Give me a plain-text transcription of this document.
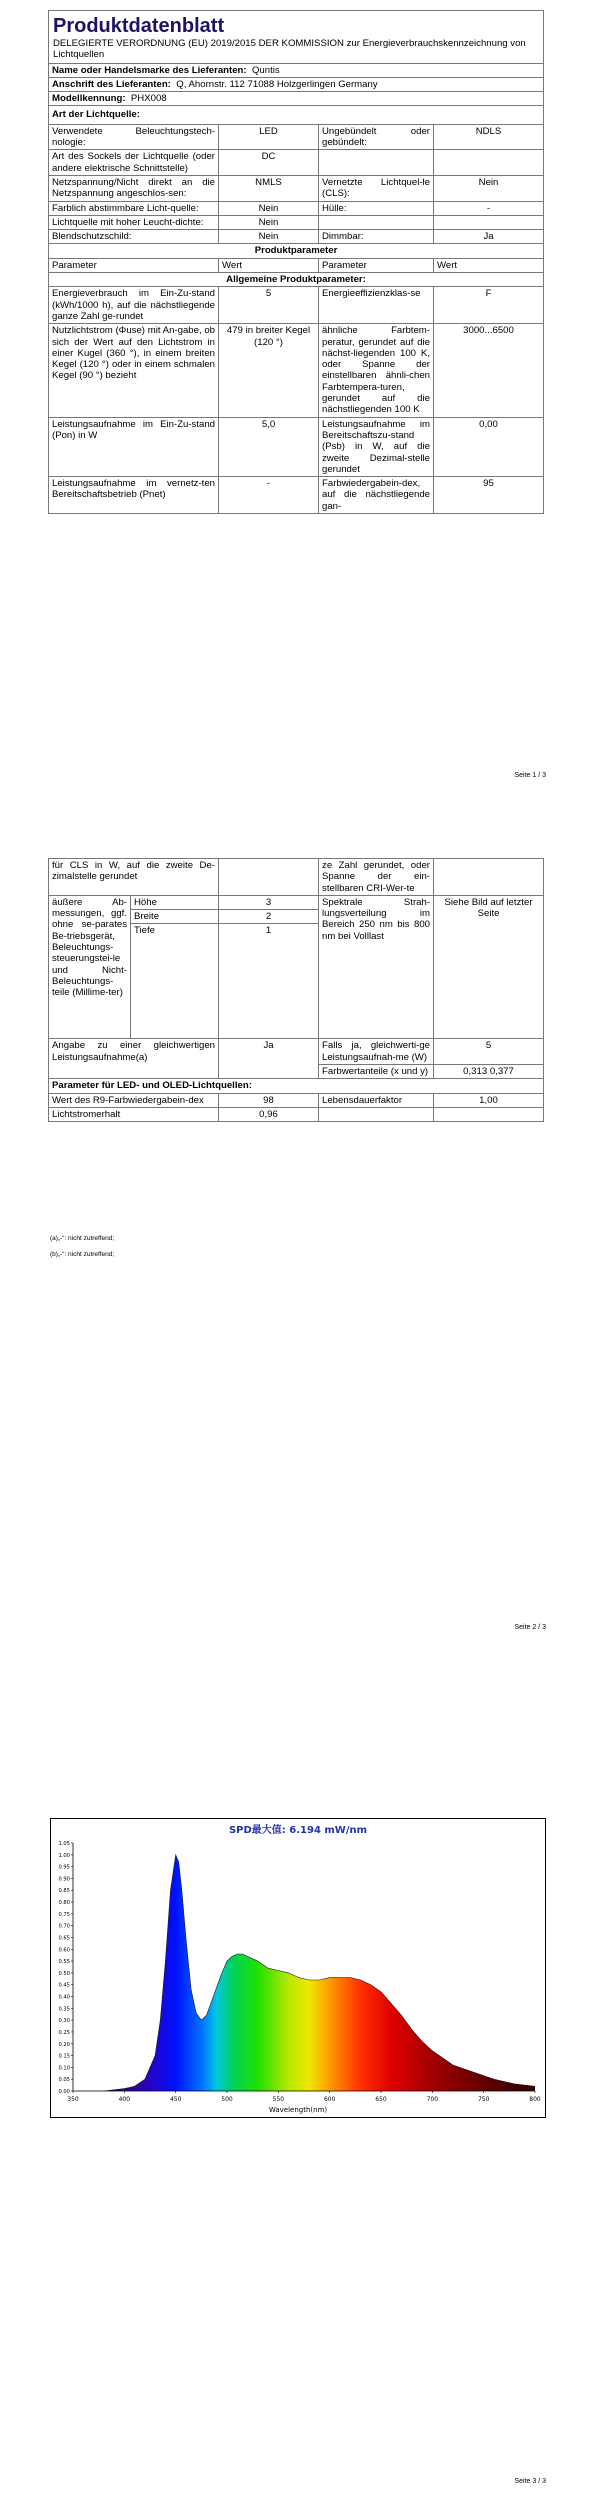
Produktdatenblatt
DELEGIERTE VERORDNUNG (EU) 2019/2015 DER KOMMISSION zur Energieverbrauchskennzeichnung von Lichtquellen			
Name oder Handelsmarke des Lieferanten: Quntis			
Anschrift des Lieferanten: Q, Ahornstr. 112 71088 Holzgerlingen Germany			
Modellkennung: PHX008			
Art der Lichtquelle:			
Verwendete Beleuchtungstech-nologie:	LED	Ungebündelt oder gebündelt:	NDLS
Art des Sockels der Lichtquelle (oder andere elektrische Schnittstelle)	DC		
Netzspannung/Nicht direkt an die Netzspannung angeschlos-sen:	NMLS	Vernetzte Lichtquel-le (CLS):	Nein
Farblich abstimmbare Licht-quelle:	Nein	Hülle:	-
Lichtquelle mit hoher Leucht-dichte:	Nein		
Blendschutzschild:	Nein	Dimmbar:	Ja
Produktparameter			
Parameter	Wert	Parameter	Wert
Allgemeine Produktparameter:			
Energieverbrauch im Ein-Zu-stand (kWh/1000 h), auf die nächstliegende ganze Zahl ge-rundet	5	Energieeffizienzklas-se	F
Nutzlichtstrom (Φuse) mit An-gabe, ob sich der Wert auf den Lichtstrom in einer Kugel (360 °), in einem breiten Kegel (120 °) oder in einem schmalen Kegel (90 °) bezieht	479 in breiter Kegel (120 °)	ähnliche Farbtem-peratur, gerundet auf die nächst-liegenden 100 K, oder Spanne der einstellbaren ähnli-chen Farbtempera-turen, gerundet auf die nächstliegenden 100 K	3000...6500
Leistungsaufnahme im Ein-Zu-stand (Pon) in W	5,0	Leistungsaufnahme im Bereitschaftszu-stand (Psb) in W, auf die zweite Dezimal-stelle gerundet	0,00
Leistungsaufnahme im vernetz-ten Bereitschaftsbetrieb (Pnet)	-	Farbwiedergabein-dex, auf die nächstliegende gan-	95
Seite 1 / 3
für CLS in W, auf die zweite De-zimalstelle gerundet			ze Zahl gerundet, oder Spanne der ein-stellbaren CRI-Wer-te	
äußere Ab-messungen, ggf. ohne se-parates Be-triebsgerät, Beleuchtungs-steuerungstei-le und Nicht-Beleuchtungs-teile (Millime-ter)	Höhe	3	Spektrale Strah-lungsverteilung im Bereich 250 nm bis 800 nm bei Volllast	Siehe Bild auf letzter Seite
	Breite	2		
	Tiefe	1		
Angabe zu einer gleichwertigen Leistungsaufnahme(a)		Ja	Falls ja, gleichwerti-ge Leistungsaufnah-me (W)	5
			Farbwertanteile (x und y)	0,313 0,377
Parameter für LED- und OLED-Lichtquellen:				
Wert des R9-Farbwiedergabein-dex		98	Lebensdauerfaktor	1,00
Lichtstromerhalt		0,96		
(a)„-“: nicht zutreffend;
(b)„-“: nicht zutreffend;
Seite 2 / 3
Seite 3 / 3
SPD最大值: 6.194 mW/nm
0.00
0.05
0.10
0.15
0.20
0.25
0.30
0.35
0.40
0.45
0.50
0.55
0.60
0.65
0.70
0.75
0.80
0.85
0.90
0.95
1.00
1.05
350	400	450	500	550	600	650	700	750	800
Wavelength(nm)
